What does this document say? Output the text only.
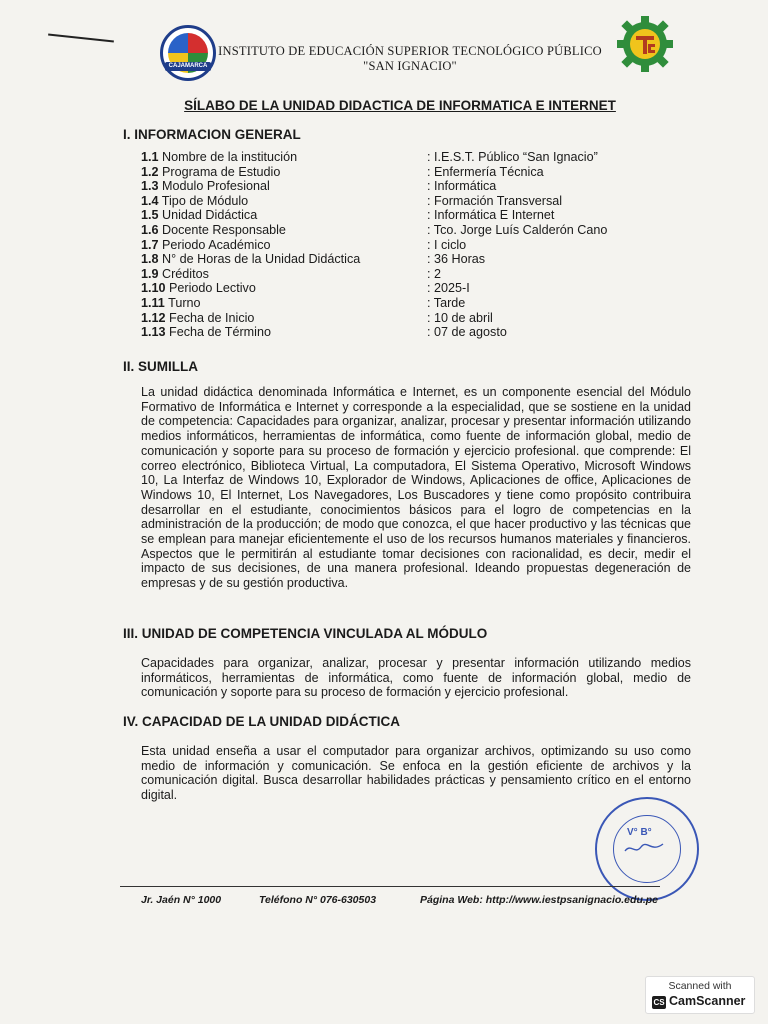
CAJAMARCA
INSTITUTO DE EDUCACIÓN SUPERIOR TECNOLÓGICO PÚBLICO
"SAN IGNACIO"
SÍLABO DE LA UNIDAD DIDACTICA DE INFORMATICA E INTERNET
I. INFORMACION GENERAL
1.1 Nombre de la institución	: I.E.S.T. Público “San Ignacio”
1.2 Programa de Estudio	: Enfermería Técnica
1.3 Modulo Profesional	: Informática
1.4 Tipo de Módulo	: Formación Transversal
1.5 Unidad Didáctica	: Informática E Internet
1.6 Docente Responsable	: Tco. Jorge Luís Calderón Cano
1.7 Periodo Académico	: I ciclo
1.8 N° de Horas de la Unidad Didáctica	: 36 Horas
1.9 Créditos	: 2
1.10 Periodo Lectivo	: 2025-I
1.11 Turno	: Tarde
1.12 Fecha de Inicio	: 10 de abril
1.13 Fecha de Término	: 07 de agosto
II. SUMILLA

La unidad didáctica denominada Informática e Internet, es un componente esencial del Módulo Formativo de Informática e Internet y corresponde a la especialidad, que se sostiene en la unidad de competencia: Capacidades para organizar, analizar, procesar y presentar información utilizando medios informáticos, herramientas de informática, como fuente de información global, medio de comunicación y soporte para su proceso de formación y ejercicio profesional. que comprende: El correo electrónico, Biblioteca Virtual, La computadora, El Sistema Operativo, Microsoft Windows 10, La Interfaz de Windows 10, Explorador de Windows, Aplicaciones de office, Aplicaciones de Windows 10, El Internet, Los Navegadores, Los Buscadores y tiene como propósito contribuira desarrollar en el estudiante, conocimientos básicos para el logro de competencias en la administración de la producción; de modo que conozca, el que hacer productivo y las técnicas que se emplean para manejar eficientemente el uso de los recursos humanos materiales y financieros. Aspectos que le permitirán al estudiante tomar decisiones con racionalidad, es decir, medir el impacto de sus decisiones, de una manera profesional. Ideando propuestas degeneración de empresas y de su gestión productiva.

III. UNIDAD DE COMPETENCIA VINCULADA AL MÓDULO

Capacidades para organizar, analizar, procesar y presentar información utilizando medios informáticos, herramientas de informática, como fuente de información global, medio de comunicación y soporte para su proceso de formación y ejercicio profesional.

IV. CAPACIDAD DE LA UNIDAD DIDÁCTICA

Esta unidad enseña a usar el computador para organizar archivos, optimizando su uso como medio de información y comunicación. Se enfoca en la gestión eficiente de archivos y la comunicación digital. Busca desarrollar habilidades prácticas y pensamiento crítico en el entorno digital.

V° B°
Jr. Jaén N° 1000	Teléfono N° 076-630503	Página Web: http://www.iestpsanignacio.edu.pe
Scanned with
CS CamScanner
